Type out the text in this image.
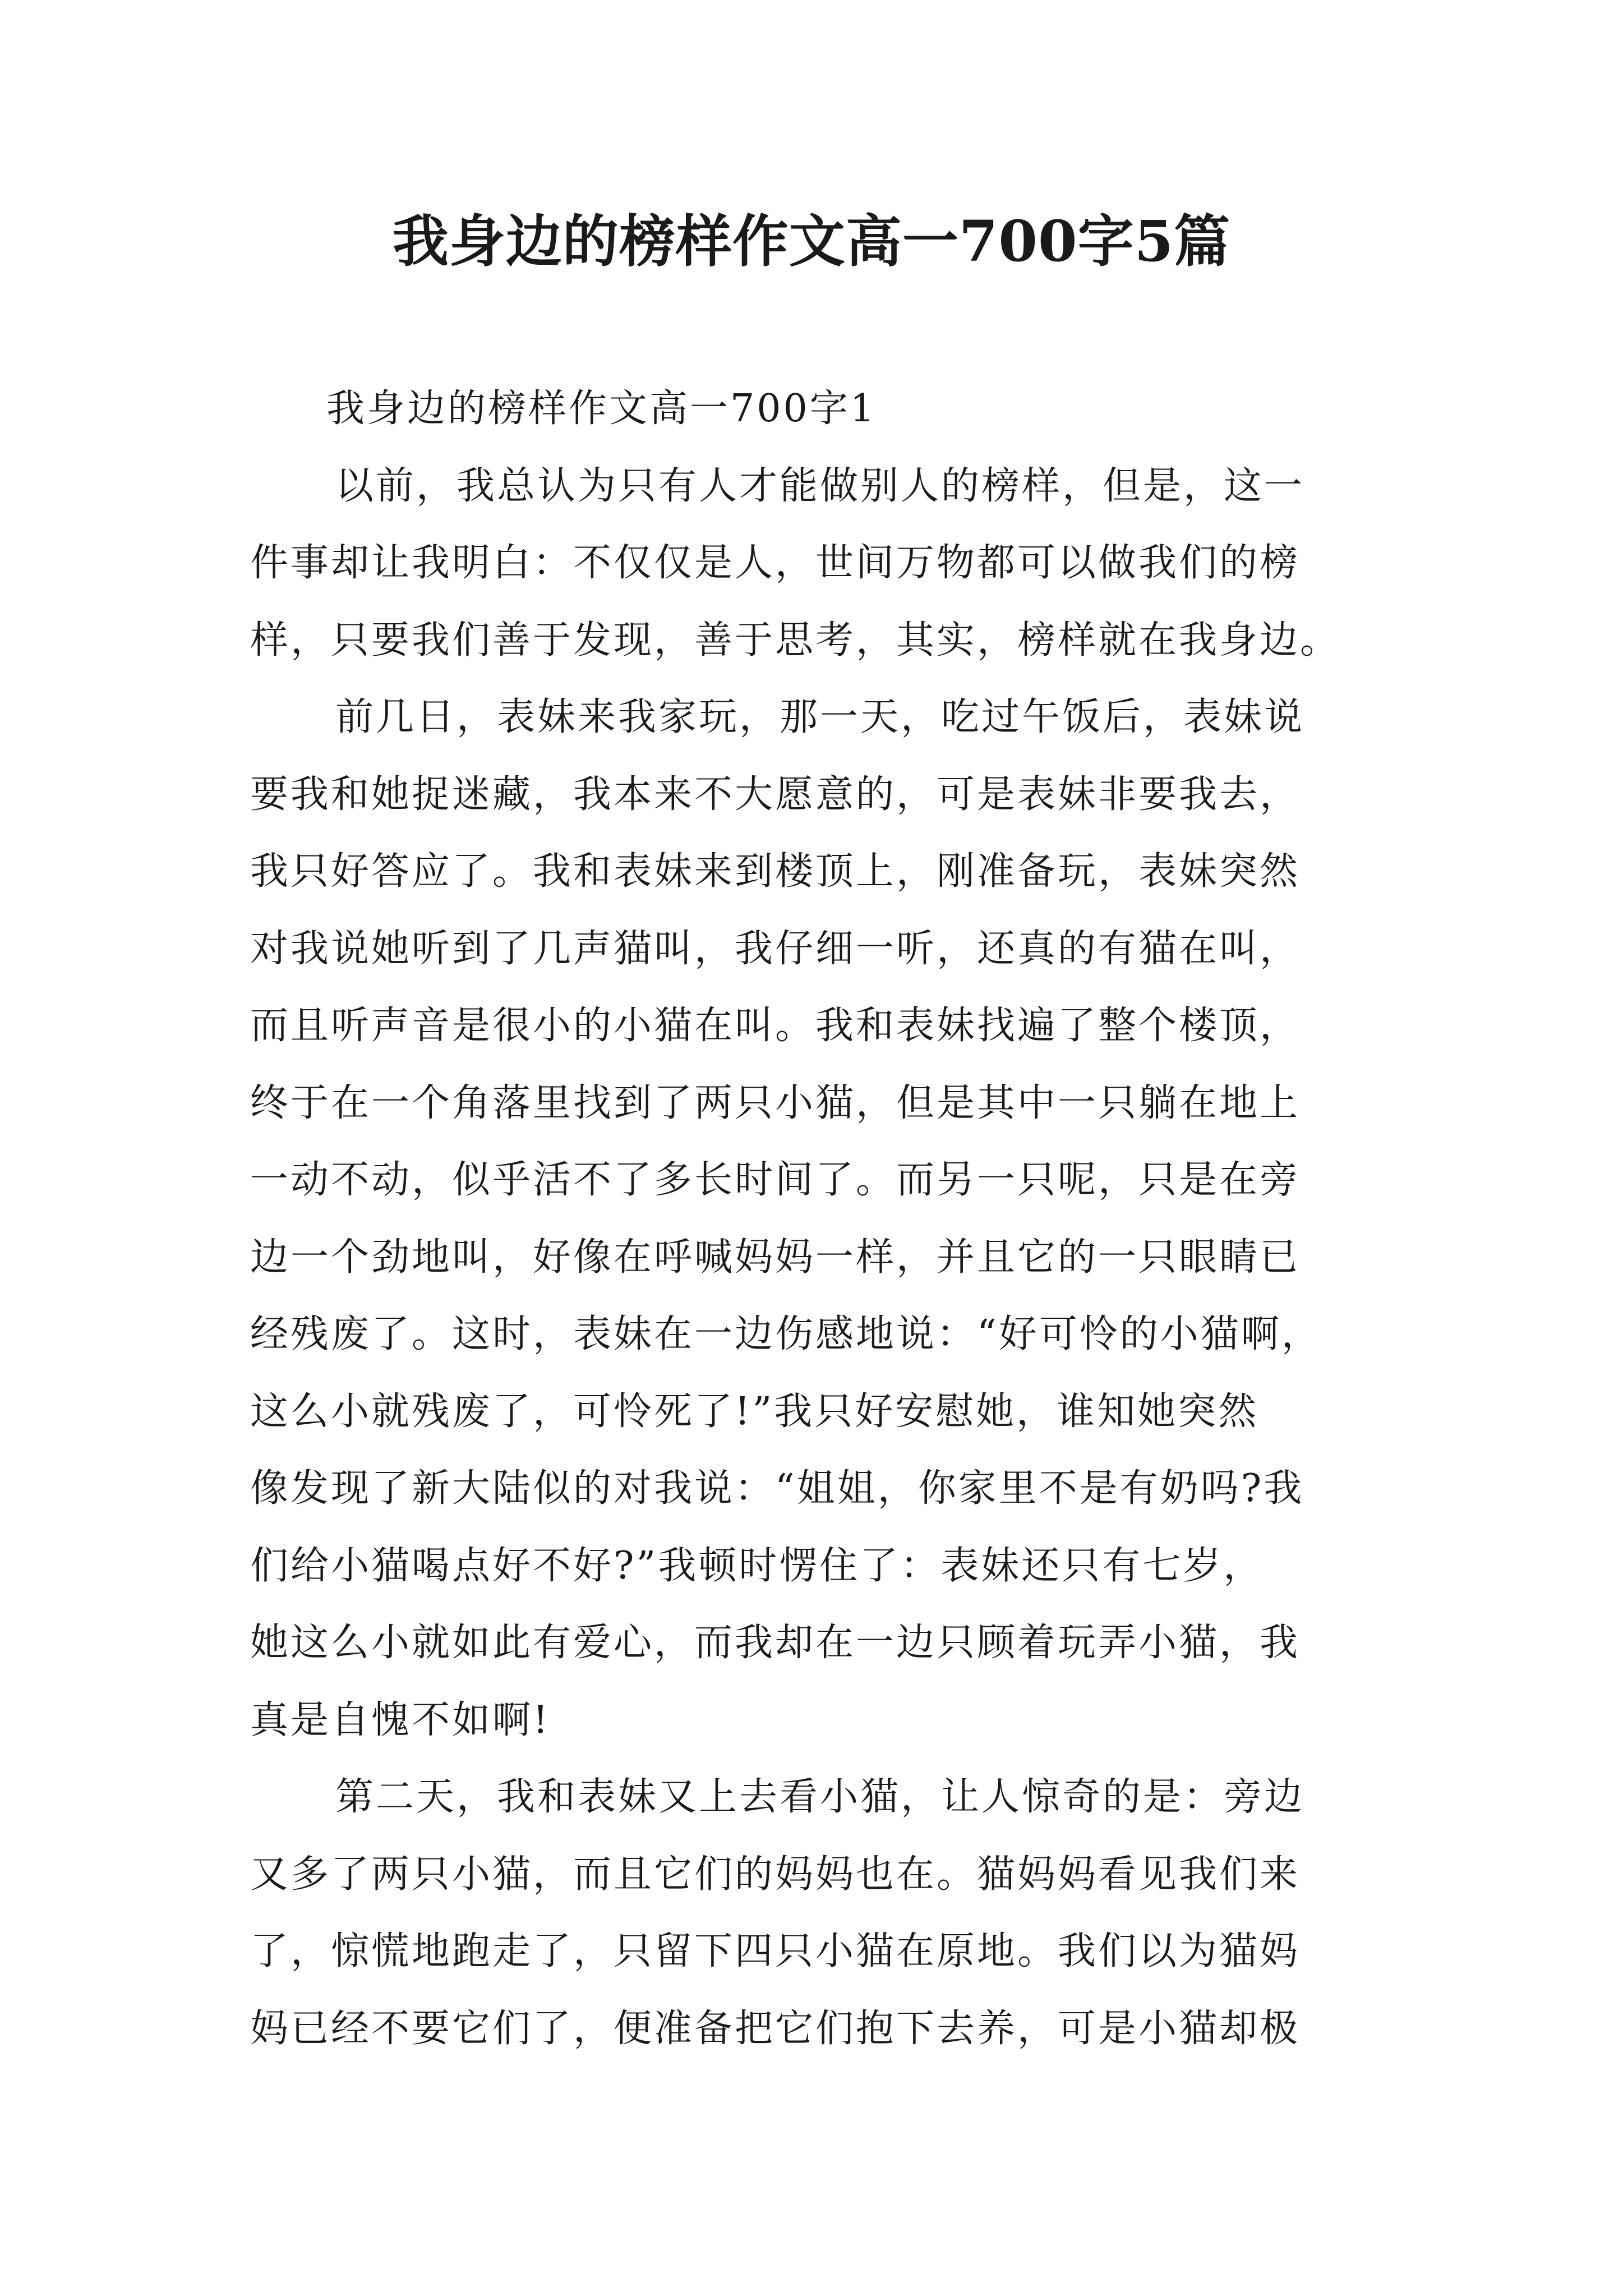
我身边的榜样作文高一700字5篇
我身边的榜样作文高一700字1
以前，我总认为只有人才能做别人的榜样，但是，这一
件事却让我明白：不仅仅是人，世间万物都可以做我们的榜
样，只要我们善于发现，善于思考，其实，榜样就在我身边。
前几日，表妹来我家玩，那一天，吃过午饭后，表妹说
要我和她捉迷藏，我本来不大愿意的，可是表妹非要我去，
我只好答应了。我和表妹来到楼顶上，刚准备玩，表妹突然
对我说她听到了几声猫叫，我仔细一听，还真的有猫在叫，
而且听声音是很小的小猫在叫。我和表妹找遍了整个楼顶，
终于在一个角落里找到了两只小猫，但是其中一只躺在地上
一动不动，似乎活不了多长时间了。而另一只呢，只是在旁
边一个劲地叫，好像在呼喊妈妈一样，并且它的一只眼睛已
经残废了。这时，表妹在一边伤感地说：“好可怜的小猫啊，
这么小就残废了，可怜死了!”我只好安慰她，谁知她突然
像发现了新大陆似的对我说：“姐姐，你家里不是有奶吗?我
们给小猫喝点好不好?”我顿时愣住了：表妹还只有七岁，
她这么小就如此有爱心，而我却在一边只顾着玩弄小猫，我
真是自愧不如啊!
第二天，我和表妹又上去看小猫，让人惊奇的是：旁边
又多了两只小猫，而且它们的妈妈也在。猫妈妈看见我们来
了，惊慌地跑走了，只留下四只小猫在原地。我们以为猫妈
妈已经不要它们了，便准备把它们抱下去养，可是小猫却极
